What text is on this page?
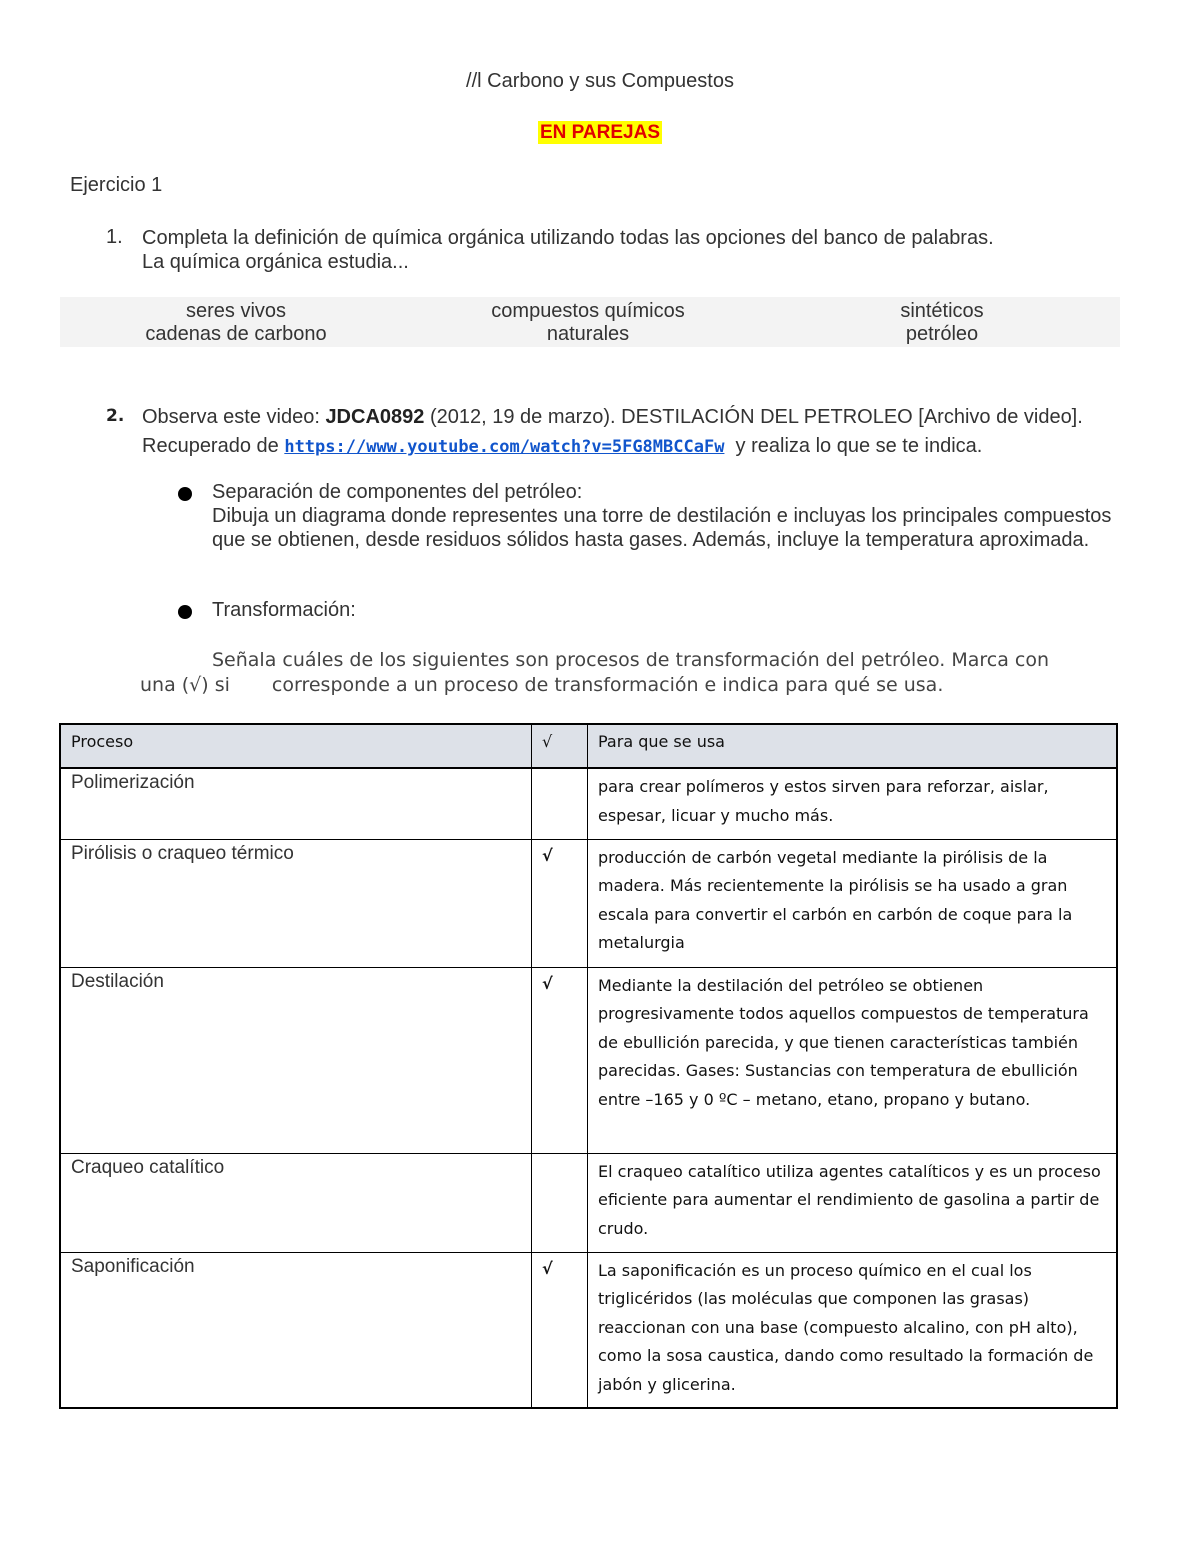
//l Carbono y sus Compuestos
EN PAREJAS
Ejercicio 1
1. Completa la definición de química orgánica utilizando todas las opciones del banco de palabras.
La química orgánica estudia...
seres vivos
cadenas de carbono
compuestos químicos
naturales
sintéticos
petróleo
2. Observa este video: JDCA0892 (2012, 19 de marzo). DESTILACIÓN DEL PETROLEO [Archivo de video].
Recuperado de https://www.youtube.com/watch?v=5FG8MBCCaFw  y realiza lo que se te indica.
Separación de componentes del petróleo:
Dibuja un diagrama donde representes una torre de destilación e incluyas los principales compuestos que se obtienen, desde residuos sólidos hasta gases. Además, incluye la temperatura aproximada.
Transformación:
Señala cuáles de los siguientes son procesos de transformación del petróleo. Marca con
una (√) si corresponde a un proceso de transformación e indica para qué se usa.
Proceso	√	Para que se usa

Polimerización		para crear polímeros y estos sirven para reforzar, aislar, espesar, licuar y mucho más.

Pirólisis o craqueo térmico	√	producción de carbón vegetal mediante la pirólisis de la madera. Más recientemente la pirólisis se ha usado a gran escala para convertir el carbón en carbón de coque para la metalurgia

Destilación	√	Mediante la destilación del petróleo se obtienen progresivamente todos aquellos compuestos de temperatura de ebullición parecida, y que tienen características también parecidas. Gases: Sustancias con temperatura de ebullición entre –165 y 0 ºC – metano, etano, propano y butano.

Craqueo catalítico		El craqueo catalítico utiliza agentes catalíticos y es un proceso eficiente para aumentar el rendimiento de gasolina a partir de crudo.

Saponificación	√	La saponificación es un proceso químico en el cual los triglicéridos (las moléculas que componen las grasas) reaccionan con una base (compuesto alcalino, con pH alto), como la sosa caustica, dando como resultado la formación de jabón y glicerina.
